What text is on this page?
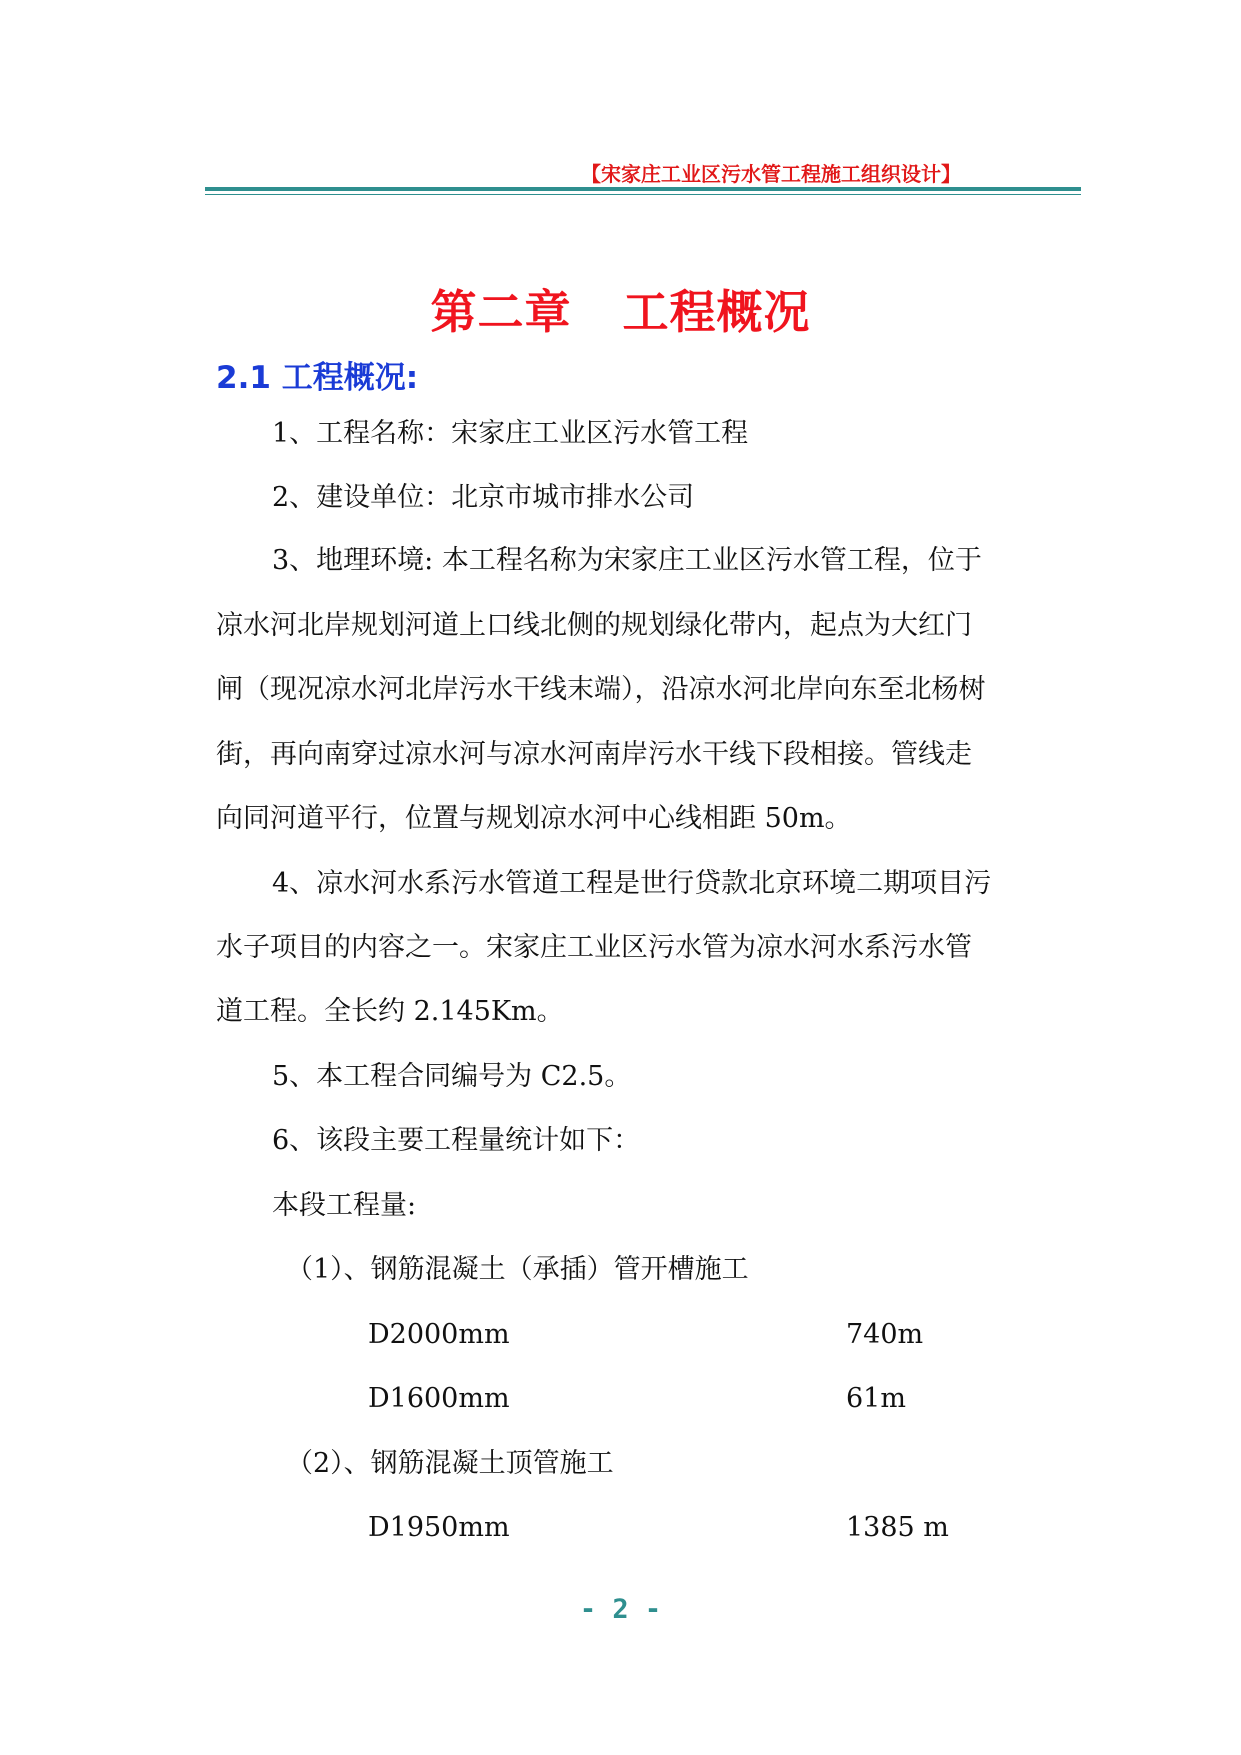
【宋家庄工业区污水管工程施工组织设计】
第二章   工程概况
2.1 工程概况:
1、工程名称：宋家庄工业区污水管工程
2、建设单位：北京市城市排水公司
3、地理环境: 本工程名称为宋家庄工业区污水管工程，位于
凉水河北岸规划河道上口线北侧的规划绿化带内，起点为大红门
闸（现况凉水河北岸污水干线末端），沿凉水河北岸向东至北杨树
街，再向南穿过凉水河与凉水河南岸污水干线下段相接。管线走
向同河道平行，位置与规划凉水河中心线相距 50m。
4、凉水河水系污水管道工程是世行贷款北京环境二期项目污
水子项目的内容之一。宋家庄工业区污水管为凉水河水系污水管
道工程。全长约 2.145Km。
5、本工程合同编号为 C2.5。
6、该段主要工程量统计如下：
本段工程量:
（1）、钢筋混凝土（承插）管开槽施工
D2000mm	740m
D1600mm	61m
（2）、钢筋混凝土顶管施工
D1950mm	1385 m
- 2 -
